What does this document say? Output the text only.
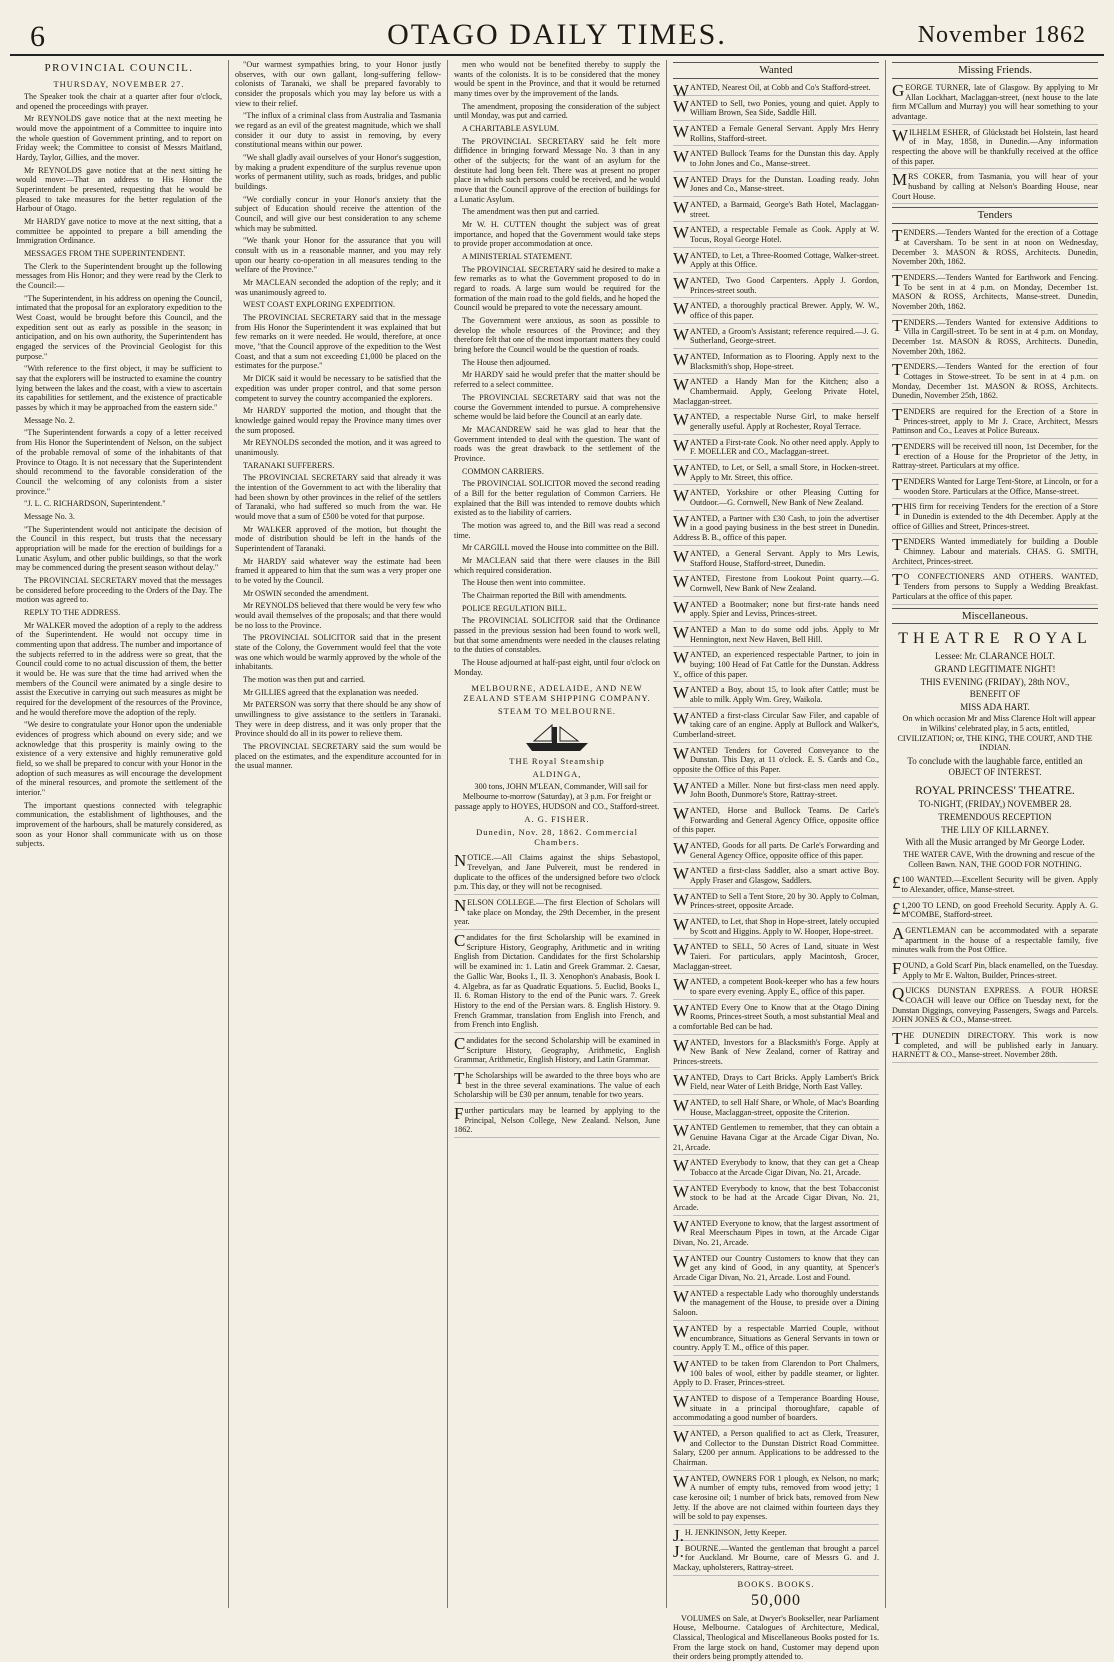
6	OTAGO DAILY TIMES.	November 1862
PROVINCIAL COUNCIL.
THURSDAY, NOVEMBER 27.

The Speaker took the chair at a quarter after four o'clock, and opened the proceedings with prayer.

Mr REYNOLDS gave notice that at the next meeting he would move the appointment of a Committee to inquire into the whole question of Government printing, and to report on Friday week; the Committee to consist of Messrs Maitland, Hardy, Taylor, Gillies, and the mover.

Mr REYNOLDS gave notice that at the next sitting he would move:—That an address to His Honor the Superintendent be presented, requesting that he would be pleased to take measures for the better regulation of the Harbour of Otago.

Mr HARDY gave notice to move at the next sitting, that a committee be appointed to prepare a bill amending the Immigration Ordinance.

MESSAGES FROM THE SUPERINTENDENT.

The Clerk to the Superintendent brought up the following messages from His Honor; and they were read by the Clerk to the Council:—

"The Superintendent, in his address on opening the Council, intimated that the proposal for an exploratory expedition to the West Coast, would be brought before this Council, and the expedition sent out as early as possible in the season; in anticipation, and on his own authority, the Superintendent has engaged the services of the Provincial Geologist for this purpose."

"With reference to the first object, it may be sufficient to say that the explorers will be instructed to examine the country lying between the lakes and the coast, with a view to ascertain its capabilities for settlement, and the existence of practicable passes by which it may be approached from the eastern side."

Message No. 2.

"The Superintendent forwards a copy of a letter received from His Honor the Superintendent of Nelson, on the subject of the probable removal of some of the inhabitants of that Province to Otago. It is not necessary that the Superintendent should recommend to the favorable consideration of the Council the welcoming of any colonists from a sister province."

"J. L. C. RICHARDSON, Superintendent."

Message No. 3.

"The Superintendent would not anticipate the decision of the Council in this respect, but trusts that the necessary appropriation will be made for the erection of buildings for a Lunatic Asylum, and other public buildings, so that the work may be commenced during the present season without delay."

The PROVINCIAL SECRETARY moved that the messages be considered before proceeding to the Orders of the Day. The motion was agreed to.

REPLY TO THE ADDRESS.

Mr WALKER moved the adoption of a reply to the address of the Superintendent. He would not occupy time in commenting upon that address. The number and importance of the subjects referred to in the address were so great, that the Council could come to no actual discussion of them, the better it would be. He was sure that the time had arrived when the members of the Council were animated by a single desire to assist the Executive in carrying out such measures as might be required for the development of the resources of the Province, and he would therefore move the adoption of the reply.

"We desire to congratulate your Honor upon the undeniable evidences of progress which abound on every side; and we acknowledge that this prosperity is mainly owing to the existence of a very extensive and highly remunerative gold field, so we shall be prepared to concur with your Honor in the adoption of such measures as will encourage the development of the mineral resources, and promote the settlement of the interior."

The important questions connected with telegraphic communication, the establishment of lighthouses, and the improvement of the harbours, shall be maturely considered, as soon as your Honor shall communicate with us on those subjects.

"Our warmest sympathies bring, to your Honor justly observes, with our own gallant, long-suffering fellow-colonists of Taranaki, we shall be prepared favorably to consider the proposals which you may lay before us with a view to their relief.

"The influx of a criminal class from Australia and Tasmania we regard as an evil of the greatest magnitude, which we shall consider it our duty to assist in removing, by every constitutional means within our power.

"We shall gladly avail ourselves of your Honor's suggestion, by making a prudent expenditure of the surplus revenue upon works of permanent utility, such as roads, bridges, and public buildings.

"We cordially concur in your Honor's anxiety that the subject of Education should receive the attention of the Council, and will give our best consideration to any scheme which may be submitted.

"We thank your Honor for the assurance that you will consult with us in a reasonable manner, and you may rely upon our hearty co-operation in all measures tending to the welfare of the Province."

Mr MACLEAN seconded the adoption of the reply; and it was unanimously agreed to.

WEST COAST EXPLORING EXPEDITION.

The PROVINCIAL SECRETARY said that in the message from His Honor the Superintendent it was explained that but few remarks on it were needed. He would, therefore, at once move, "that the Council approve of the expedition to the West Coast, and that a sum not exceeding £1,000 be placed on the estimates for the purpose."

Mr DICK said it would be necessary to be satisfied that the expedition was under proper control, and that some person competent to survey the country accompanied the explorers.

Mr HARDY supported the motion, and thought that the knowledge gained would repay the Province many times over the sum proposed.

Mr REYNOLDS seconded the motion, and it was agreed to unanimously.

TARANAKI SUFFERERS.

The PROVINCIAL SECRETARY said that already it was the intention of the Government to act with the liberality that had been shown by other provinces in the relief of the settlers of Taranaki, who had suffered so much from the war. He would move that a sum of £500 be voted for that purpose.

Mr WALKER approved of the motion, but thought the mode of distribution should be left in the hands of the Superintendent of Taranaki.

Mr HARDY said whatever way the estimate had been framed it appeared to him that the sum was a very proper one to be voted by the Council.

Mr OSWIN seconded the amendment.

Mr REYNOLDS believed that there would be very few who would avail themselves of the proposals; and that there would be no loss to the Province.

The PROVINCIAL SOLICITOR said that in the present state of the Colony, the Government would feel that the vote was one which would be warmly approved by the whole of the inhabitants.

The motion was then put and carried.

Mr GILLIES agreed that the explanation was needed.

Mr PATERSON was sorry that there should be any show of unwillingness to give assistance to the settlers in Taranaki. They were in deep distress, and it was only proper that the Province should do all in its power to relieve them.

The PROVINCIAL SECRETARY said the sum would be placed on the estimates, and the expenditure accounted for in the usual manner.

men who would not be benefited thereby to supply the wants of the colonists. It is to be considered that the money would be spent in the Province, and that it would be returned many times over by the improvement of the lands.

The amendment, proposing the consideration of the subject until Monday, was put and carried.

A CHARITABLE ASYLUM.

The PROVINCIAL SECRETARY said he felt more diffidence in bringing forward Message No. 3 than in any other of the subjects; for the want of an asylum for the destitute had long been felt. There was at present no proper place in which such persons could be received, and he would move that the Council approve of the erection of buildings for a Lunatic Asylum.

The amendment was then put and carried.

Mr W. H. CUTTEN thought the subject was of great importance, and hoped that the Government would take steps to provide proper accommodation at once.

A MINISTERIAL STATEMENT.

The PROVINCIAL SECRETARY said he desired to make a few remarks as to what the Government proposed to do in regard to roads. A large sum would be required for the formation of the main road to the gold fields, and he hoped the Council would be prepared to vote the necessary amount.

The Government were anxious, as soon as possible to develop the whole resources of the Province; and they therefore felt that one of the most important matters they could bring before the Council would be the question of roads.

The House then adjourned.

Mr HARDY said he would prefer that the matter should be referred to a select committee.

The PROVINCIAL SECRETARY said that was not the course the Government intended to pursue. A comprehensive scheme would be laid before the Council at an early date.

Mr MACANDREW said he was glad to hear that the Government intended to deal with the question. The want of roads was the great drawback to the settlement of the Province.

COMMON CARRIERS.

The PROVINCIAL SOLICITOR moved the second reading of a Bill for the better regulation of Common Carriers. He explained that the Bill was intended to remove doubts which existed as to the liability of carriers.

The motion was agreed to, and the Bill was read a second time.

Mr CARGILL moved the House into committee on the Bill.

Mr MACLEAN said that there were clauses in the Bill which required consideration.

The House then went into committee.

The Chairman reported the Bill with amendments.

POLICE REGULATION BILL.

The PROVINCIAL SOLICITOR said that the Ordinance passed in the previous session had been found to work well, but that some amendments were needed in the clauses relating to the duties of constables.

The House adjourned at half-past eight, until four o'clock on Monday.

MELBOURNE, ADELAIDE, AND NEW ZEALAND STEAM SHIPPING COMPANY.
STEAM TO MELBOURNE.
THE Royal Steamship
ALDINGA,

300 tons, JOHN M'LEAN, Commander, Will sail for Melbourne to-morrow (Saturday), at 3 p.m. For freight or passage apply to HOYES, HUDSON and CO., Stafford-street.

A. G. FISHER.
Dunedin, Nov. 28, 1862. Commercial Chambers.

NOTICE.—All Claims against the ships Sebastopol, Trevelyan, and Jane Pulvereit, must be rendered in duplicate to the offices of the undersigned before two o'clock p.m. This day, or they will not be recognised.

NELSON COLLEGE.—The first Election of Scholars will take place on Monday, the 29th December, in the present year.

Candidates for the first Scholarship will be examined in Scripture History, Geography, Arithmetic and in writing English from Dictation. Candidates for the first Scholarship will be examined in: 1. Latin and Greek Grammar. 2. Caesar, the Gallic War, Books I., II. 3. Xenophon's Anabasis, Book I. 4. Algebra, as far as Quadratic Equations. 5. Euclid, Books I., II. 6. Roman History to the end of the Punic wars. 7. Greek History to the end of the Persian wars. 8. English History. 9. French Grammar, translation from English into French, and from French into English.

Candidates for the second Scholarship will be examined in Scripture History, Geography, Arithmetic, English Grammar, Arithmetic, English History, and Latin Grammar.

The Scholarships will be awarded to the three boys who are best in the three several examinations. The value of each Scholarship will be £30 per annum, tenable for two years.

Further particulars may be learned by applying to the Principal, Nelson College, New Zealand. Nelson, June 1862.

Wanted

WANTED, Nearest Oil, at Cobb and Co's Stafford-street.

WANTED to Sell, two Ponies, young and quiet. Apply to William Brown, Sea Side, Saddle Hill.

WANTED a Female General Servant. Apply Mrs Henry Rollins, Stafford-street.

WANTED Bullock Teams for the Dunstan this day. Apply to John Jones and Co., Manse-street.

WANTED Drays for the Dunstan. Loading ready. John Jones and Co., Manse-street.

WANTED, a Barmaid, George's Bath Hotel, Maclaggan-street.

WANTED, a respectable Female as Cook. Apply at W. Tocus, Royal George Hotel.

WANTED, to Let, a Three-Roomed Cottage, Walker-street. Apply at this Office.

WANTED, Two Good Carpenters. Apply J. Gordon, Princes-street south.

WANTED, a thoroughly practical Brewer. Apply, W. W., office of this paper.

WANTED, a Groom's Assistant; reference required.—J. G. Sutherland, George-street.

WANTED, Information as to Flooring. Apply next to the Blacksmith's shop, Hope-street.

WANTED a Handy Man for the Kitchen; also a Chambermaid. Apply, Geelong Private Hotel, Maclaggan-street.

WANTED, a respectable Nurse Girl, to make herself generally useful. Apply at Rochester, Royal Terrace.

WANTED a First-rate Cook. No other need apply. Apply to F. MOELLER and CO., Maclaggan-street.

WANTED, to Let, or Sell, a small Store, in Hocken-street. Apply to Mr. Street, this office.

WANTED, Yorkshire or other Pleasing Cutting for Outdoor.—G. Cornwell, New Bank of New Zealand.

WANTED, a Partner with £30 Cash, to join the advertiser in a good paying business in the best street in Dunedin. Address B. B., office of this paper.

WANTED, a General Servant. Apply to Mrs Lewis, Stafford House, Stafford-street, Dunedin.

WANTED, Firestone from Lookout Point quarry.—G. Cornwell, New Bank of New Zealand.

WANTED a Bootmaker; none but first-rate hands need apply. Spier and Leviss, Princes-street.

WANTED a Man to do some odd jobs. Apply to Mr Hennington, next New Haven, Bell Hill.

WANTED, an experienced respectable Partner, to join in buying; 100 Head of Fat Cattle for the Dunstan. Address Y., office of this paper.

WANTED a Boy, about 15, to look after Cattle; must be able to milk. Apply Wm. Grey, Waikola.

WANTED a first-class Circular Saw Filer, and capable of taking care of an engine. Apply at Bullock and Walker's, Cumberland-street.

WANTED Tenders for Covered Conveyance to the Dunstan. This Day, at 11 o'clock. E. S. Cards and Co., opposite the Office of this Paper.

WANTED a Miller. None but first-class men need apply. John Booth, Dunmore's Store, Rattray-street.

WANTED, Horse and Bullock Teams. De Carle's Forwarding and General Agency Office, opposite office of this paper.

WANTED, Goods for all parts. De Carle's Forwarding and General Agency Office, opposite office of this paper.

WANTED a first-class Saddler, also a smart active Boy. Apply Fraser and Glasgow, Saddlers.

WANTED to Sell a Tent Store, 20 by 30. Apply to Colman, Princes-street, opposite Arcade.

WANTED, to Let, that Shop in Hope-street, lately occupied by Scott and Higgins. Apply to W. Hooper, Hope-street.

WANTED to SELL, 50 Acres of Land, situate in West Taieri. For particulars, apply Macintosh, Grocer, Maclaggan-street.

WANTED, a competent Book-keeper who has a few hours to spare every evening. Apply E., office of this paper.

WANTED Every One to Know that at the Otago Dining Rooms, Princes-street South, a most substantial Meal and a comfortable Bed can be had.

WANTED, Investors for a Blacksmith's Forge. Apply at New Bank of New Zealand, corner of Rattray and Princes-streets.

WANTED, Drays to Cart Bricks. Apply Lambert's Brick Field, near Water of Leith Bridge, North East Valley.

WANTED, to sell Half Share, or Whole, of Mac's Boarding House, Maclaggan-street, opposite the Criterion.

WANTED Gentlemen to remember, that they can obtain a Genuine Havana Cigar at the Arcade Cigar Divan, No. 21, Arcade.

WANTED Everybody to know, that they can get a Cheap Tobacco at the Arcade Cigar Divan, No. 21, Arcade.

WANTED Everybody to know, that the best Tobacconist stock to be had at the Arcade Cigar Divan, No. 21, Arcade.

WANTED Everyone to know, that the largest assortment of Real Meerschaum Pipes in town, at the Arcade Cigar Divan, No. 21, Arcade.

WANTED our Country Customers to know that they can get any kind of Good, in any quantity, at Spencer's Arcade Cigar Divan, No. 21, Arcade. Lost and Found.

WANTED a respectable Lady who thoroughly understands the management of the House, to preside over a Dining Saloon.

WANTED by a respectable Married Couple, without encumbrance, Situations as General Servants in town or country. Apply T. M., office of this paper.

WANTED to be taken from Clarendon to Port Chalmers, 100 bales of wool, either by paddle steamer, or lighter. Apply to D. Fraser, Princes-street.

WANTED to dispose of a Temperance Boarding House, situate in a principal thoroughfare, capable of accommodating a good number of boarders.

WANTED, a Person qualified to act as Clerk, Treasurer, and Collector to the Dunstan District Road Committee. Salary, £200 per annum. Applications to be addressed to the Chairman.

WANTED, OWNERS FOR 1 plough, ex Nelson, no mark; A number of empty tubs, removed from wood jetty; 1 case kerosine oil; 1 number of brick bats, removed from New Jetty. If the above are not claimed within fourteen days they will be sold to pay expenses.

J.H. JENKINSON, Jetty Keeper.

J.BOURNE.—Wanted the gentleman that brought a parcel for Auckland. Mr Bourne, care of Messrs G. and J. Mackay, upholsterers, Rattray-street.

BOOKS. BOOKS.
50,000

VOLUMES on Sale, at Dwyer's Bookseller, near Parliament House, Melbourne. Catalogues of Architecture, Medical, Classical, Theological and Miscellaneous Books posted for 1s. From the large stock on hand, Customer may depend upon their orders being promptly attended to.

Missing Friends.

GEORGE TURNER, late of Glasgow. By applying to Mr Allan Lockhart, Maclaggan-street, (next house to the late firm M'Callum and Murray) you will hear something to your advantage.

WILHELM ESHER, of Glückstadt bei Holstein, last heard of in May, 1858, in Dunedin.—Any information respecting the above will be thankfully received at the office of this paper.

MRS COKER, from Tasmania, you will hear of your husband by calling at Nelson's Boarding House, near Court House.

Tenders

TENDERS.—Tenders Wanted for the erection of a Cottage at Caversham. To be sent in at noon on Wednesday, December 3. MASON & ROSS, Architects. Dunedin, November 20th, 1862.

TENDERS.—Tenders Wanted for Earthwork and Fencing. To be sent in at 4 p.m. on Monday, December 1st. MASON & ROSS, Architects, Manse-street. Dunedin, November 20th, 1862.

TENDERS.—Tenders Wanted for extensive Additions to Villa in Cargill-street. To be sent in at 4 p.m. on Monday, December 1st. MASON & ROSS, Architects. Dunedin, November 20th, 1862.

TENDERS.—Tenders Wanted for the erection of four Cottages in Stowe-street. To be sent in at 4 p.m. on Monday, December 1st. MASON & ROSS, Architects. Dunedin, November 25th, 1862.

TENDERS are required for the Erection of a Store in Princes-street, apply to Mr J. Crace, Architect, Messrs Pattinson and Co., Leaves at Police Bureaux.

TENDERS will be received till noon, 1st December, for the erection of a House for the Proprietor of the Jetty, in Rattray-street. Particulars at my office.

TENDERS Wanted for Large Tent-Store, at Lincoln, or for a wooden Store. Particulars at the Office, Manse-street.

THIS firm for receiving Tenders for the erection of a Store in Dunedin is extended to the 4th December. Apply at the office of Gillies and Street, Princes-street.

TENDERS Wanted immediately for building a Double Chimney. Labour and materials. CHAS. G. SMITH, Architect, Princes-street.

TO CONFECTIONERS AND OTHERS. WANTED, Tenders from persons to Supply a Wedding Breakfast. Particulars at the office of this paper.

Miscellaneous.
THEATRE ROYAL
Lessee: Mr. CLARANCE HOLT.
GRAND LEGITIMATE NIGHT!
THIS EVENING (FRIDAY), 28th NOV.,
BENEFIT OF
MISS ADA HART.

On which occasion Mr and Miss Clarence Holt will appear in Wilkins' celebrated play, in 5 acts, entitled, CIVILIZATION; or, THE KING, THE COURT, AND THE INDIAN.

To conclude with the laughable farce, entitled an OBJECT OF INTEREST.
ROYAL PRINCESS' THEATRE.
TO-NIGHT, (FRIDAY,) NOVEMBER 28.
TREMENDOUS RECEPTION
THE LILY OF KILLARNEY.
With all the Music arranged by Mr George Loder.

THE WATER CAVE, With the drowning and rescue of the Colleen Bawn. NAN, THE GOOD FOR NOTHING.

£100 WANTED.—Excellent Security will be given. Apply to Alexander, office, Manse-street.

£1,200 TO LEND, on good Freehold Security. Apply A. G. M'COMBE, Stafford-street.

AGENTLEMAN can be accommodated with a separate apartment in the house of a respectable family, five minutes walk from the Post Office.

FOUND, a Gold Scarf Pin, black enamelled, on the Tuesday. Apply to Mr E. Walton, Builder, Princes-street.

QUICKS DUNSTAN EXPRESS. A FOUR HORSE COACH will leave our Office on Tuesday next, for the Dunstan Diggings, conveying Passengers, Swags and Parcels. JOHN JONES & CO., Manse-street.

THE DUNEDIN DIRECTORY. This work is now completed, and will be published early in January. HARNETT & CO., Manse-street. November 28th.
